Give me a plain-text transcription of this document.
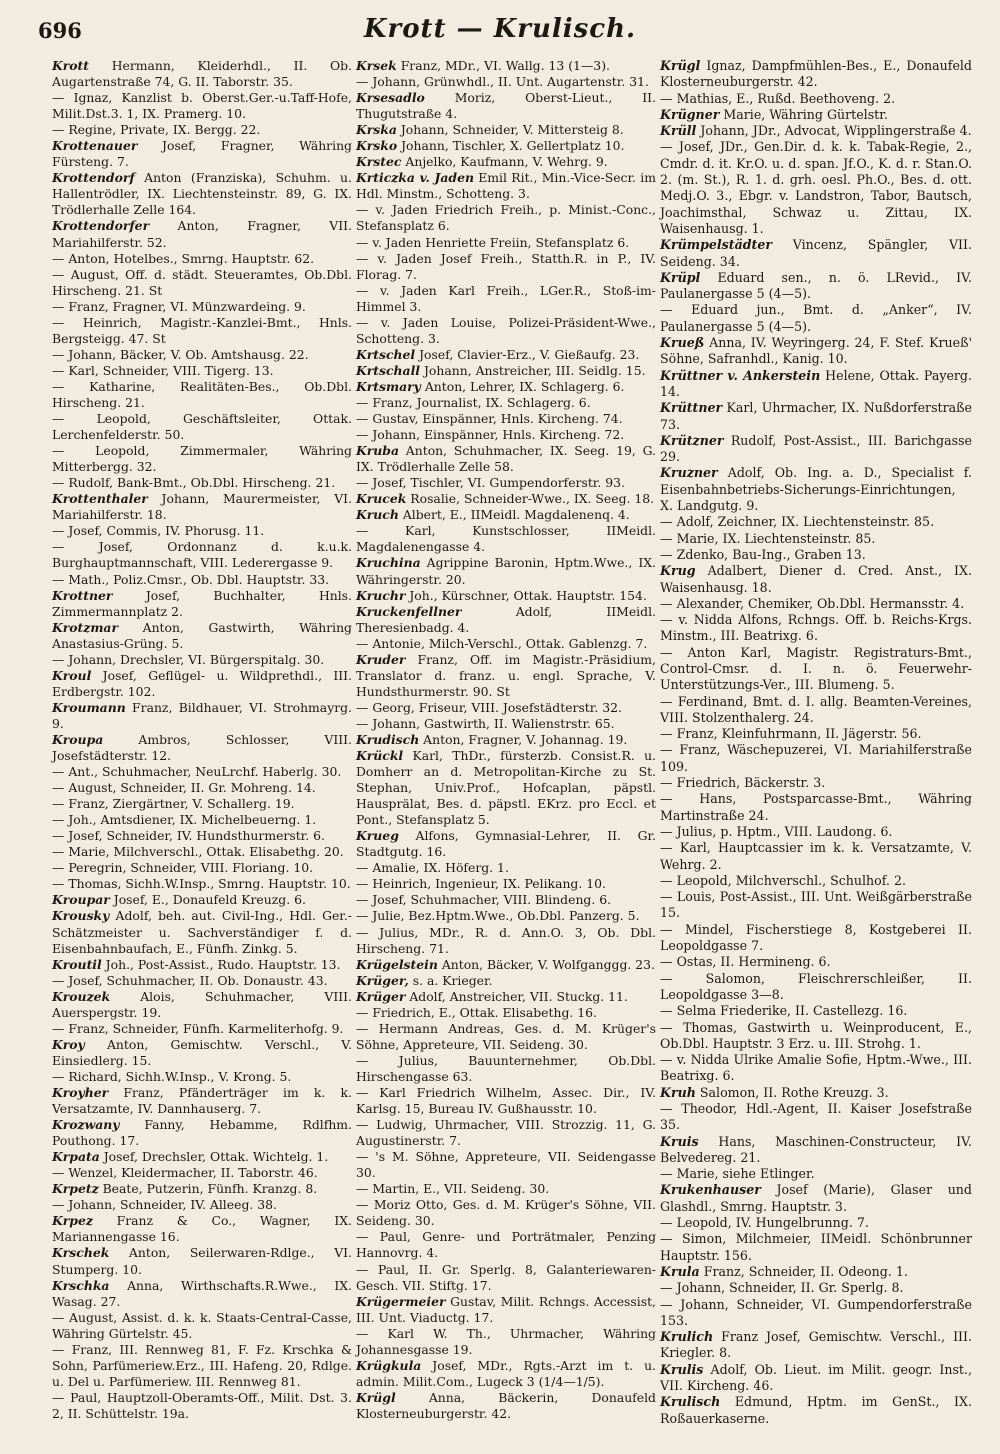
696	Krott — Krulisch.

Krott Hermann, Kleiderhdl., II. Ob. Augartenstraße 74, G. II. Taborstr. 35.

— Ignaz, Kanzlist b. Oberst.Ger.-u.Taff-Hofe, Milit.Dst.3. 1, IX. Pramerg. 10.

— Regine, Private, IX. Bergg. 22.

Krottenauer Josef, Fragner, Währing Fürsteng. 7.

Krottendorf Anton (Franziska), Schuhm. u. Hallentrödler, IX. Liechtensteinstr. 89, G. IX. Trödlerhalle Zelle 164.

Krottendorfer Anton, Fragner, VII. Mariahilferstr. 52.

— Anton, Hotelbes., Smrng. Hauptstr. 62.

— August, Off. d. städt. Steueramtes, Ob.Dbl. Hirscheng. 21. St

— Franz, Fragner, VI. Münzwardeing. 9.

— Heinrich, Magistr.-Kanzlei-Bmt., Hnls. Bergsteigg. 47. St

— Johann, Bäcker, V. Ob. Amtshausg. 22.

— Karl, Schneider, VIII. Tigerg. 13.

— Katharine, Realitäten-Bes., Ob.Dbl. Hirscheng. 21.

— Leopold, Geschäftsleiter, Ottak. Lerchenfelderstr. 50.

— Leopold, Zimmermaler, Währing Mitterbergg. 32.

— Rudolf, Bank-Bmt., Ob.Dbl. Hirscheng. 21.

Krottenthaler Johann, Maurermeister, VI. Mariahilferstr. 18.

— Josef, Commis, IV. Phorusg. 11.

— Josef, Ordonnanz d. k.u.k. Burghauptmannschaft, VIII. Lederergasse 9.

— Math., Poliz.Cmsr., Ob. Dbl. Hauptstr. 33.

Krottner	Josef, Buchhalter, Hnls. Zimmermannplatz 2.

Krotzmar Anton, Gastwirth, Währing Anastasius-Grüng. 5.

— Johann, Drechsler, VI. Bürgerspitalg. 30.

Kroul Josef, Geflügel- u. Wildprethdl., III. Erdbergstr. 102.

Kroumann Franz, Bildhauer, VI. Strohmayrg. 9.

Kroupa	Ambros, Schlosser, VIII. Josefstädterstr. 12.

— Ant., Schuhmacher, NeuLrchf. Haberlg. 30.

— August, Schneider, II. Gr. Mohreng. 14.

— Franz, Ziergärtner, V. Schallerg. 19.

— Joh., Amtsdiener, IX. Michelbeuerng. 1.

— Josef, Schneider, IV. Hundsthurmerstr. 6.

— Marie, Milchverschl., Ottak. Elisabethg. 20.

— Peregrin, Schneider, VIII. Floriang. 10.

— Thomas, Sichh.W.Insp., Smrng. Hauptstr. 10.

Kroupar Josef, E., Donaufeld Kreuzg. 6.

Krousky Adolf, beh. aut. Civil-Ing., Hdl. Ger.-Schätzmeister u. Sachverständiger f. d. Eisenbahnbaufach, E., Fünfh. Zinkg. 5.

Kroutil Joh., Post-Assist., Rudo. Hauptstr. 13.

— Josef, Schuhmacher, II. Ob. Donaustr. 43.

Krouzek Alois, Schuhmacher, VIII. Auerspergstr. 19.

— Franz, Schneider, Fünfh. Karmeliterhofg. 9.

Kroy Anton, Gemischtw. Verschl., V. Einsiedlerg. 15.

— Richard, Sichh.W.Insp., V. Krong. 5.

Kroyher Franz, Pfänderträger im k. k. Versatzamte, IV. Dannhauserg. 7.

Krozwany Fanny, Hebamme, Rdlfhm. Pouthong. 17.

Krpata Josef, Drechsler, Ottak. Wichtelg. 1.

— Wenzel, Kleidermacher, II. Taborstr. 46.

Krpetz Beate, Putzerin, Fünfh. Kranzg. 8.

— Johann, Schneider, IV. Alleeg. 38.

Krpez Franz & Co., Wagner, IX. Mariannengasse 16.

Krschek Anton, Seilerwaren-Rdlge., VI. Stumperg. 10.

Krschka Anna, Wirthschafts.R.Wwe., IX. Wasag. 27.

— August, Assist. d. k. k. Staats-Central-Casse, Währing Gürtelstr. 45.

— Franz, III. Rennweg 81, F. Fz. Krschka & Sohn, Parfümeriew.Erz., III. Hafeng. 20, Rdlge. u. Del u. Parfümeriew. III. Rennweg 81.

— Paul, Hauptzoll-Oberamts-Off., Milit. Dst. 3. 2, II. Schüttelstr. 19a.

Krsek Franz, MDr., VI. Wallg. 13 (1—3).

— Johann, Grünwhdl., II. Unt. Augartenstr. 31.

Krsesadlo Moriz, Oberst-Lieut., II. Thugutstraße 4.

Krska Johann, Schneider, V. Mittersteig 8.

Krsko Johann, Tischler, X. Gellertplatz 10.

Krstec Anjelko, Kaufmann, V. Wehrg. 9.

Krticzka v. Jaden Emil Rit., Min.-Vice-Secr. im Hdl. Minstm., Schotteng. 3.

— v. Jaden Friedrich Freih., p. Minist.-Conc., Stefansplatz 6.

— v. Jaden Henriette Freiin, Stefansplatz 6.

— v. Jaden Josef Freih., Statth.R. in P., IV. Florag. 7.

— v. Jaden Karl Freih., LGer.R., Stoß-im-Himmel 3.

— v. Jaden Louise, Polizei-Präsident-Wwe., Schotteng. 3.

Krtschel Josef, Clavier-Erz., V. Gießaufg. 23.

Krtschall Johann, Anstreicher, III. Seidlg. 15.

Krtsmary Anton, Lehrer, IX. Schlagerg. 6.

— Franz, Journalist, IX. Schlagerg. 6.

— Gustav, Einspänner, Hnls. Kircheng. 74.

— Johann, Einspänner, Hnls. Kircheng. 72.

Kruba Anton, Schuhmacher, IX. Seeg. 19, G. IX. Trödlerhalle Zelle 58.

— Josef, Tischler, VI. Gumpendorferstr. 93.

Krucek Rosalie, Schneider-Wwe., IX. Seeg. 18.

Kruch Albert, E., IIMeidl. Magdalenenq. 4.

— Karl, Kunstschlosser, IIMeidl. Magdalenengasse 4.

Kruchina Agrippine Baronin, Hptm.Wwe., IX. Währingerstr. 20.

Kruchr Joh., Kürschner, Ottak. Hauptstr. 154.

Kruckenfellner	Adolf, IIMeidl. Theresienbadg. 4.

— Antonie, Milch-Verschl., Ottak. Gablenzg. 7.

Kruder Franz, Off. im Magistr.-Präsidium, Translator d. franz. u. engl. Sprache, V. Hundsthurmerstr. 90. St

— Georg, Friseur, VIII. Josefstädterstr. 32.

— Johann, Gastwirth, II. Walienstrstr. 65.

Krudisch Anton, Fragner, V. Johannag. 19.

Krückl Karl, ThDr., fürsterzb. Consist.R. u. Domherr an d. Metropolitan-Kirche zu St. Stephan, Univ.Prof., Hofcaplan, päpstl. Hausprälat, Bes. d. päpstl. EKrz. pro Eccl. et Pont., Stefansplatz 5.

Krueg Alfons, Gymnasial-Lehrer, II. Gr. Stadtgutg. 16.

— Amalie, IX. Höferg. 1.

— Heinrich, Ingenieur, IX. Pelikang. 10.

— Josef, Schuhmacher, VIII. Blindeng. 6.

— Julie, Bez.Hptm.Wwe., Ob.Dbl. Panzerg. 5.

— Julius, MDr., R. d. Ann.O. 3, Ob. Dbl. Hirscheng. 71.

Krügelstein Anton, Bäcker, V. Wolfganggg. 23.

Krüger, s. a. Krieger.

Krüger Adolf, Anstreicher, VII. Stuckg. 11.

— Friedrich, E., Ottak. Elisabethg. 16.

— Hermann Andreas, Ges. d. M. Krüger's Söhne, Appreteure, VII. Seideng. 30.

— Julius, Bauunternehmer, Ob.Dbl. Hirschengasse 63.

— Karl Friedrich Wilhelm, Assec. Dir., IV. Karlsg. 15, Bureau IV. Gußhausstr. 10.

— Ludwig, Uhrmacher, VIII. Strozzig. 11, G. Augustinerstr. 7.

— 's M. Söhne, Appreteure, VII. Seidengasse 30.

— Martin, E., VII. Seideng. 30.

— Moriz Otto, Ges. d. M. Krüger's Söhne, VII. Seideng. 30.

— Paul, Genre- und Porträtmaler, Penzing Hannovrg. 4.

— Paul, II. Gr. Sperlg. 8, Galanteriewaren-Gesch. VII. Stiftg. 17.

Krügermeier Gustav, Milit. Rchngs. Accessist, III. Unt. Viaductg. 17.

— Karl W. Th., Uhrmacher, Währing Johannesgasse 19.

Krügkula Josef, MDr., Rgts.-Arzt im t. u. admin. Milit.Com., Lugeck 3 (1/4—1/5).

Krügl	Anna, Bäckerin, Donaufeld Klosterneuburgerstr. 42.

Krügl Ignaz, Dampfmühlen-Bes., E., Donaufeld Klosterneuburgerstr. 42.

— Mathias, E., Rußd. Beethoveng. 2.

Krügner Marie, Währing Gürtelstr.

Krüll Johann, JDr., Advocat, Wipplingerstraße 4.

— Josef, JDr., Gen.Dir. d. k. k. Tabak-Regie, 2., Cmdr. d. it. Kr.O. u. d. span. Jf.O., K. d. r. Stan.O. 2. (m. St.), R. 1. d. grh. oesl. Ph.O., Bes. d. ott. Medj.O. 3., Ebgr. v. Landstron, Tabor, Bautsch, Joachimsthal, Schwaz u. Zittau, IX. Waisenhausg. 1.

Krümpelstädter Vincenz, Spängler, VII. Seideng. 34.

Krüpl Eduard sen., n. ö. LRevid., IV. Paulanergasse 5 (4—5).

— Eduard jun., Bmt. d. „Anker“, IV. Paulanergasse 5 (4—5).

Krueß Anna, IV. Weyringerg. 24, F. Stef. Krueß' Söhne, Safranhdl., Kanig. 10.

Krüttner v. Ankerstein Helene, Ottak. Payerg. 14.

Krüttner Karl, Uhrmacher, IX. Nußdorferstraße 73.

Krützner Rudolf, Post-Assist., III. Barichgasse 29.

Kruzner Adolf, Ob. Ing. a. D., Specialist f. Eisenbahnbetriebs-Sicherungs-Einrichtungen, X. Landgutg. 9.

— Adolf, Zeichner, IX. Liechtensteinstr. 85.

— Marie, IX. Liechtensteinstr. 85.

— Zdenko, Bau-Ing., Graben 13.

Krug Adalbert, Diener d. Cred. Anst., IX. Waisenhausg. 18.

— Alexander, Chemiker, Ob.Dbl. Hermansstr. 4.

— v. Nidda Alfons, Rchngs. Off. b. Reichs-Krgs. Minstm., III. Beatrixg. 6.

— Anton Karl, Magistr. Registraturs-Bmt., Control-Cmsr. d. I. n. ö. Feuerwehr-Unterstützungs-Ver., III. Blumeng. 5.

— Ferdinand, Bmt. d. I. allg. Beamten-Vereines, VIII. Stolzenthalerg. 24.

— Franz, Kleinfuhrmann, II. Jägerstr. 56.

— Franz, Wäschepuzerei, VI. Mariahilferstraße 109.

— Friedrich, Bäckerstr. 3.

— Hans, Postsparcasse-Bmt., Währing Martinstraße 24.

— Julius, p. Hptm., VIII. Laudong. 6.

— Karl, Hauptcassier im k. k. Versatzamte, V. Wehrg. 2.

— Leopold, Milchverschl., Schulhof. 2.

— Louis, Post-Assist., III. Unt. Weißgärberstraße 15.

— Mindel, Fischerstiege 8, Kostgeberei II. Leopoldgasse 7.

— Ostas, II. Hermineng. 6.

— Salomon, Fleischrerschleißer, II. Leopoldgasse 3—8.

— Selma Friederike, II. Castellezg. 16.

— Thomas, Gastwirth u. Weinproducent, E., Ob.Dbl. Hauptstr. 3 Erz. u. III. Strohg. 1.

— v. Nidda Ulrike Amalie Sofie, Hptm.-Wwe., III. Beatrixg. 6.

Kruh Salomon, II. Rothe Kreuzg. 3.

— Theodor, Hdl.-Agent, II. Kaiser Josefstraße 35.

Kruis Hans, Maschinen-Constructeur, IV. Belvedereg. 21.

— Marie, siehe Etlinger.

Krukenhauser Josef (Marie), Glaser und Glashdl., Smrng. Hauptstr. 3.

— Leopold, IV. Hungelbrunng. 7.

— Simon, Milchmeier, IIMeidl. Schönbrunner Hauptstr. 156.

Krula Franz, Schneider, II. Odeong. 1.

— Johann, Schneider, II. Gr. Sperlg. 8.

— Johann, Schneider, VI. Gumpendorferstraße 153.

Krulich Franz Josef, Gemischtw. Verschl., III. Kriegler. 8.

Krulis Adolf, Ob. Lieut. im Milit. geogr. Inst., VII. Kircheng. 46.

Krulisch Edmund, Hptm. im GenSt., IX. Roßauerkaserne.
